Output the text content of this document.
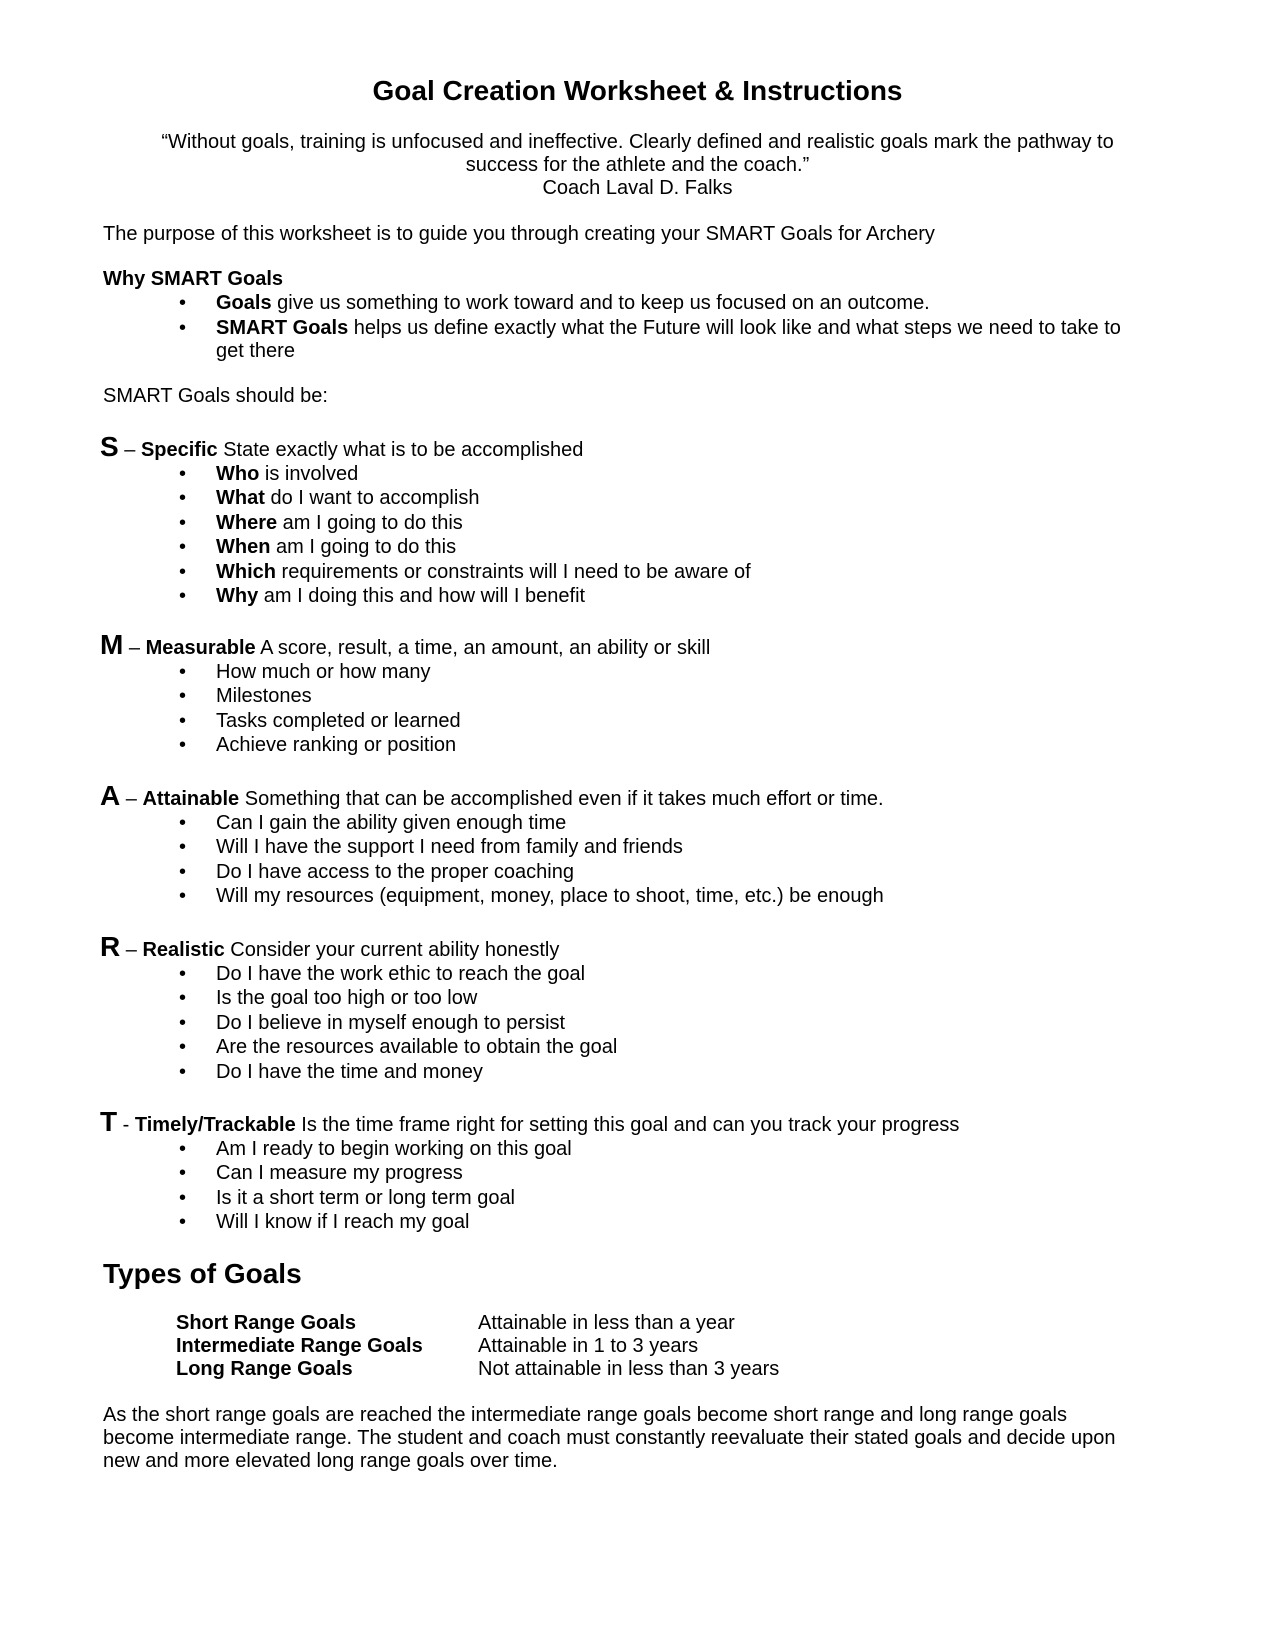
Goal Creation Worksheet & Instructions
“Without goals, training is unfocused and ineffective. Clearly defined and realistic goals mark the pathway to
success for the athlete and the coach.”
Coach Laval D. Falks
The purpose of this worksheet is to guide you through creating your SMART Goals for Archery
Why SMART Goals
• Goals give us something to work toward and to keep us focused on an outcome.
• SMART Goals helps us define exactly what the Future will look like and what steps we need to take to
get there
SMART Goals should be:
S – Specific State exactly what is to be accomplished
• Who is involved
• What do I want to accomplish
• Where am I going to do this
• When am I going to do this
• Which requirements or constraints will I need to be aware of
• Why am I doing this and how will I benefit
M – Measurable A score, result, a time, an amount, an ability or skill
• How much or how many
• Milestones
• Tasks completed or learned
• Achieve ranking or position
A – Attainable Something that can be accomplished even if it takes much effort or time.
• Can I gain the ability given enough time
• Will I have the support I need from family and friends
• Do I have access to the proper coaching
• Will my resources (equipment, money, place to shoot, time, etc.) be enough
R – Realistic Consider your current ability honestly
• Do I have the work ethic to reach the goal
• Is the goal too high or too low
• Do I believe in myself enough to persist
• Are the resources available to obtain the goal
• Do I have the time and money
T - Timely/Trackable Is the time frame right for setting this goal and can you track your progress
• Am I ready to begin working on this goal
• Can I measure my progress
• Is it a short term or long term goal
• Will I know if I reach my goal
Types of Goals
Short Range Goals	Attainable in less than a year
Intermediate Range Goals	Attainable in 1 to 3 years
Long Range Goals	Not attainable in less than 3 years
As the short range goals are reached the intermediate range goals become short range and long range goals
become intermediate range. The student and coach must constantly reevaluate their stated goals and decide upon
new and more elevated long range goals over time.
